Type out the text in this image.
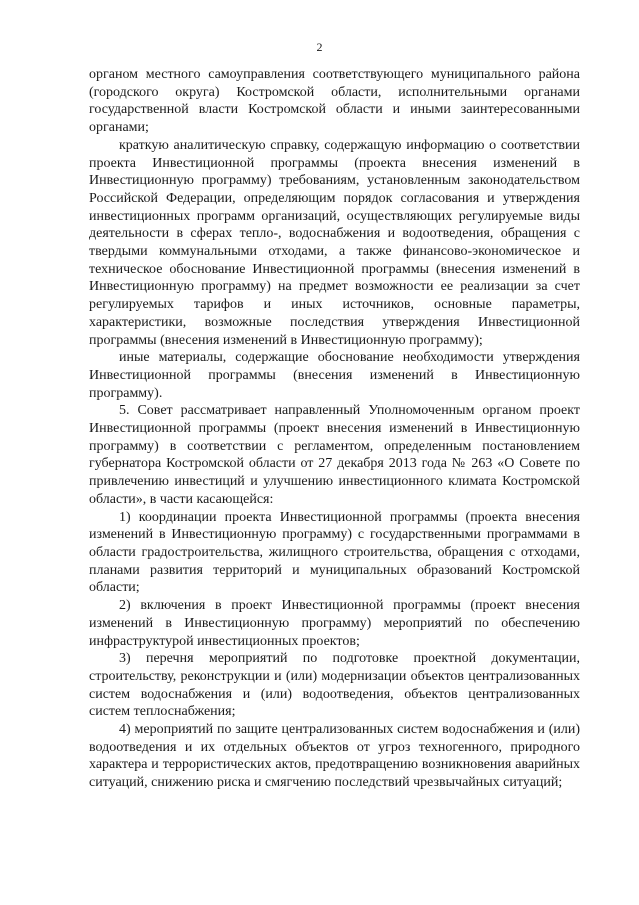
2

органом местного самоуправления соответствующего муниципального района (городского округа) Костромской области, исполнительными органами государственной власти Костромской области и иными заинтересованными органами;

краткую аналитическую справку, содержащую информацию о соответствии проекта Инвестиционной программы (проекта внесения изменений в Инвестиционную программу) требованиям, установленным законодательством Российской Федерации, определяющим порядок согласования и утверждения инвестиционных программ организаций, осуществляющих регулируемые виды деятельности в сферах тепло-, водоснабжения и водоотведения, обращения с твердыми коммунальными отходами, а также финансово-экономическое и техническое обоснование Инвестиционной программы (внесения изменений в Инвестиционную программу) на предмет возможности ее реализации за счет регулируемых тарифов и иных источников, основные параметры, характеристики, возможные последствия утверждения Инвестиционной программы (внесения изменений в Инвестиционную программу);

иные материалы, содержащие обоснование необходимости утверждения Инвестиционной программы (внесения изменений в Инвестиционную программу).

5. Совет рассматривает направленный Уполномоченным органом проект Инвестиционной программы (проект внесения изменений в Инвестиционную программу) в соответствии с регламентом, определенным постановлением губернатора Костромской области от 27 декабря 2013 года № 263 «О Совете по привлечению инвестиций и улучшению инвестиционного климата Костромской области», в части касающейся:

1) координации проекта Инвестиционной программы (проекта внесения изменений в Инвестиционную программу) с государственными программами в области градостроительства, жилищного строительства, обращения с отходами, планами развития территорий и муниципальных образований Костромской области;

2) включения в проект Инвестиционной программы (проект внесения изменений в Инвестиционную программу) мероприятий по обеспечению инфраструктурой инвестиционных проектов;

3) перечня мероприятий по подготовке проектной документации, строительству, реконструкции и (или) модернизации объектов централизованных систем водоснабжения и (или) водоотведения, объектов централизованных систем теплоснабжения;

4) мероприятий по защите централизованных систем водоснабжения и (или) водоотведения и их отдельных объектов от угроз техногенного, природного характера и террористических актов, предотвращению возникновения аварийных ситуаций, снижению риска и смягчению последствий чрезвычайных ситуаций;
